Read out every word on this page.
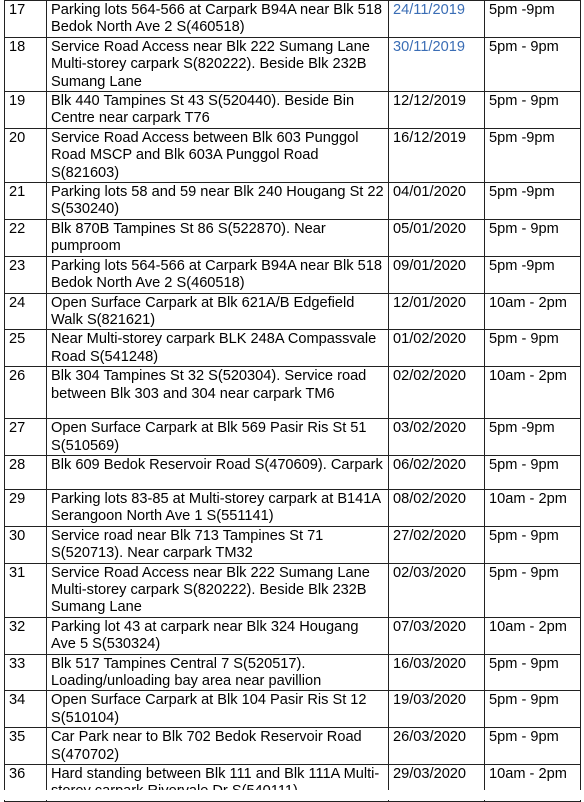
17	Parking lots 564-566 at Carpark B94A near Blk 518 Bedok North Ave 2 S(460518)	24/11/2019	5pm -9pm
18	Service Road Access near Blk 222 Sumang Lane Multi-storey carpark S(820222). Beside Blk 232B Sumang Lane	30/11/2019	5pm - 9pm
19	Blk 440 Tampines St 43 S(520440). Beside Bin Centre near carpark T76	12/12/2019	5pm - 9pm
20	Service Road Access between Blk 603 Punggol Road MSCP and Blk 603A Punggol Road S(821603)	16/12/2019	5pm -9pm
21	Parking lots 58 and 59 near Blk 240 Hougang St 22 S(530240)	04/01/2020	5pm -9pm
22	Blk 870B Tampines St 86 S(522870). Near pumproom	05/01/2020	5pm - 9pm
23	Parking lots 564-566 at Carpark B94A near Blk 518 Bedok North Ave 2 S(460518)	09/01/2020	5pm -9pm
24	Open Surface Carpark at Blk 621A/B Edgefield Walk S(821621)	12/01/2020	10am - 2pm
25	Near Multi-storey carpark BLK 248A Compassvale Road S(541248)	01/02/2020	5pm - 9pm
26	Blk 304 Tampines St 32 S(520304). Service road between Blk 303 and 304 near carpark TM6	02/02/2020	10am - 2pm
27	Open Surface Carpark at Blk 569 Pasir Ris St 51 S(510569)	03/02/2020	5pm -9pm
28	Blk 609 Bedok Reservoir Road S(470609). Carpark	06/02/2020	5pm - 9pm
29	Parking lots 83-85 at Multi-storey carpark at B141A Serangoon North Ave 1 S(551141)	08/02/2020	10am - 2pm
30	Service road near Blk 713 Tampines St 71 S(520713). Near carpark TM32	27/02/2020	5pm - 9pm
31	Service Road Access near Blk 222 Sumang Lane Multi-storey carpark S(820222). Beside Blk 232B Sumang Lane	02/03/2020	5pm - 9pm
32	Parking lot 43 at carpark near Blk 324 Hougang Ave 5 S(530324)	07/03/2020	10am - 2pm
33	Blk 517 Tampines Central 7 S(520517). Loading/unloading bay area near pavillion	16/03/2020	5pm - 9pm
34	Open Surface Carpark at Blk 104 Pasir Ris St 12 S(510104)	19/03/2020	5pm - 9pm
35	Car Park near to Blk 702 Bedok Reservoir Road S(470702)	26/03/2020	5pm - 9pm
36	Hard standing between Blk 111 and Blk 111A Multi-	29/03/2020	10am - 2pm
